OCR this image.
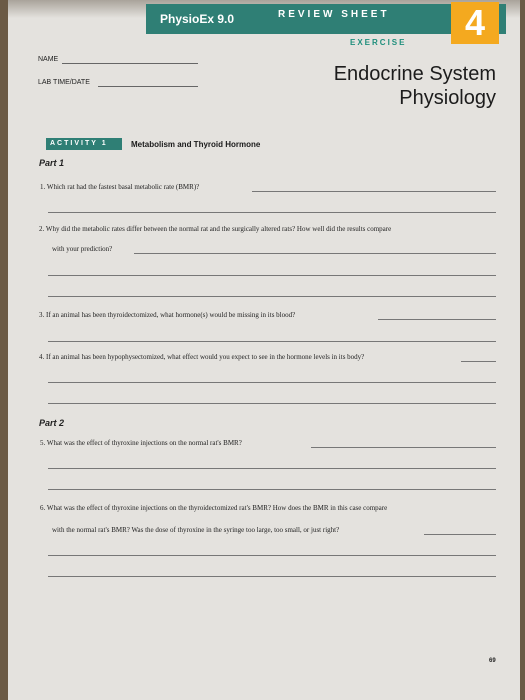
PhysioEx 9.0	REVIEW SHEET	4
EXERCISE
NAME
LAB TIME/DATE	Endocrine System
Physiology
ACTIVITY 1	Metabolism and Thyroid Hormone
Part 1
1. Which rat had the fastest basal metabolic rate (BMR)?
2. Why did the metabolic rates differ between the normal rat and the surgically altered rats? How well did the results compare
with your prediction?
3. If an animal has been thyroidectomized, what hormone(s) would be missing in its blood?
4. If an animal has been hypophysectomized, what effect would you expect to see in the hormone levels in its body?
Part 2
5. What was the effect of thyroxine injections on the normal rat's BMR?
6. What was the effect of thyroxine injections on the thyroidectomized rat's BMR? How does the BMR in this case compare
with the normal rat's BMR? Was the dose of thyroxine in the syringe too large, too small, or just right?
69
